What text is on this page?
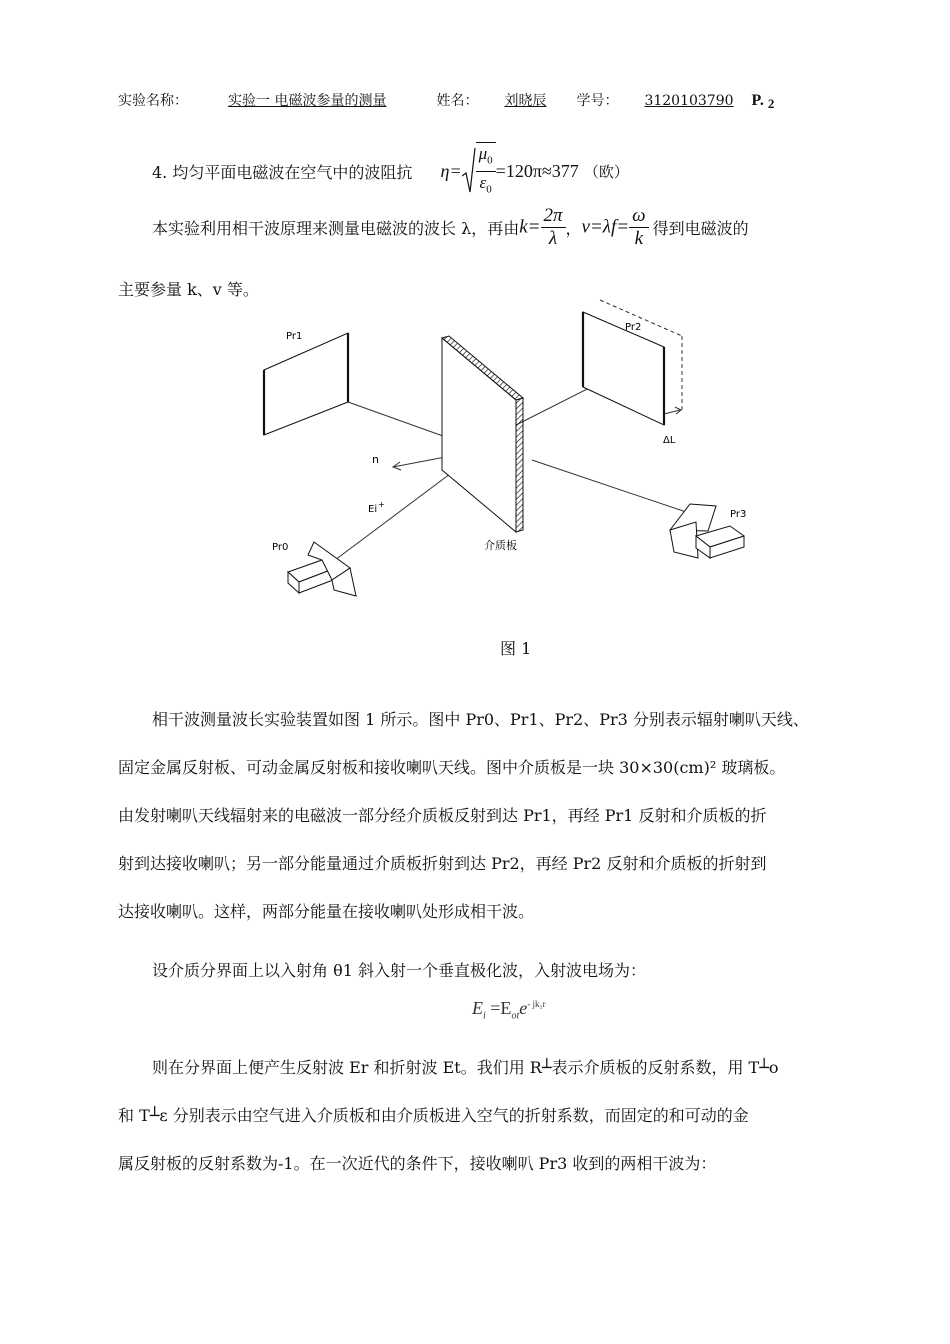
实验名称：	实验一 电磁波参量的测量	姓名： 刘晓辰 学号： 3120103790 P. $_2$
4. 均匀平面电磁波在空气中的波阻抗 $\eta= \frac{\mu_0}{\varepsilon_0} =120\pi\approx 377$ （欧）
本实验利用相干波原理来测量电磁波的波长 λ，再由$k= \frac{2\pi}{\lambda}$ ，$v=\lambda f= \frac{\omega}{k}$ 得到电磁波的
主要参量 k、v 等。
Pr1
介质板
Pr2
ΔL
n
Ei +
Pr0
Pr3
图 1
相干波测量波长实验装置如图 1 所示。图中 Pr0、Pr1、Pr2、Pr3 分别表示辐射喇叭天线、
固定金属反射板、可动金属反射板和接收喇叭天线。图中介质板是一块 30×30(cm)² 玻璃板。
由发射喇叭天线辐射来的电磁波一部分经介质板反射到达 Pr1，再经 Pr1 反射和介质板的折
射到达接收喇叭；另一部分能量通过介质板折射到达 Pr2，再经 Pr2 反射和介质板的折射到
达接收喇叭。这样，两部分能量在接收喇叭处形成相干波。
设介质分界面上以入射角 θ1 斜入射一个垂直极化波，入射波电场为：
$E_i =E_{ot}e^{- jk_1r}$
则在分界面上便产生反射波 Er 和折射波 Et。我们用 R┴表示介质板的反射系数，用 T┴o
和 T┴ε 分别表示由空气进入介质板和由介质板进入空气的折射系数，而固定的和可动的金
属反射板的反射系数为-1。在一次近代的条件下，接收喇叭 Pr3 收到的两相干波为：
